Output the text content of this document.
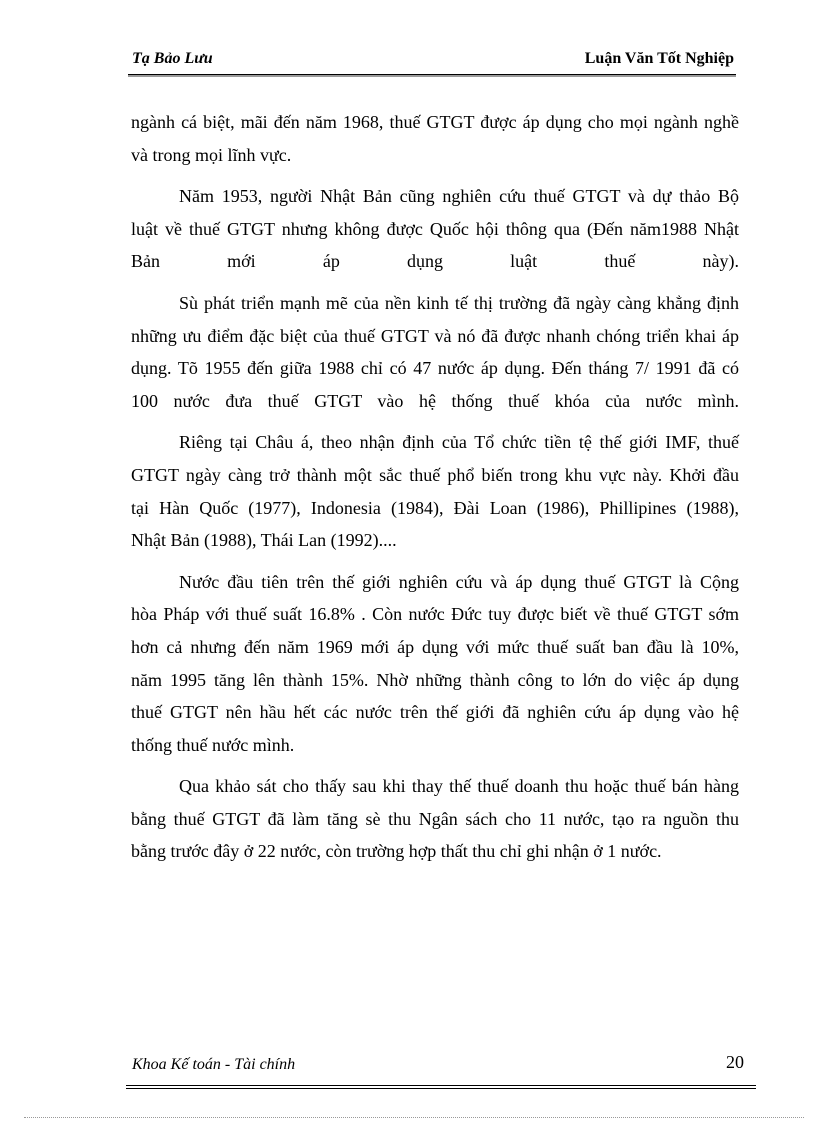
Tạ Bảo Lưu	Luận Văn Tốt Nghiệp
ngành cá biệt, mãi đến năm 1968, thuế GTGT được áp dụng cho mọi ngành nghề
và trong mọi lĩnh vực.
Năm 1953, người Nhật Bản cũng nghiên cứu thuế GTGT và dự thảo Bộ
luật về thuế GTGT nhưng không được Quốc hội thông qua (Đến năm1988 Nhật
Bản mới áp dụng luật thuế này).
Sù phát triển mạnh mẽ của nền kinh tế thị trường đã ngày càng khẳng định
những ưu điểm đặc biệt của thuế GTGT và nó đã được nhanh chóng triển khai áp
dụng. Tõ 1955 đến giữa 1988 chỉ có 47 nước áp dụng. Đến tháng 7/ 1991 đã có
100 nước đưa thuế GTGT vào hệ thống thuế khóa của nước mình.
Riêng tại Châu á, theo nhận định của Tổ chức tiền tệ thế giới IMF, thuế
GTGT ngày càng trở thành một sắc thuế phổ biến trong khu vực này. Khởi đầu
tại Hàn Quốc (1977), Indonesia (1984), Đài Loan (1986), Phillipines (1988),
Nhật Bản (1988), Thái Lan (1992)....
Nước đầu tiên trên thế giới nghiên cứu và áp dụng thuế GTGT là Cộng
hòa Pháp với thuế suất 16.8% . Còn nước Đức tuy được biết về thuế GTGT sớm
hơn cả nhưng đến năm 1969 mới áp dụng với mức thuế suất ban đầu là 10%,
năm 1995 tăng lên thành 15%. Nhờ những thành công to lớn do việc áp dụng
thuế GTGT nên hầu hết các nước trên thế giới đã nghiên cứu áp dụng vào hệ
thống thuế nước mình.
Qua khảo sát cho thấy sau khi thay thế thuế doanh thu hoặc thuế bán hàng
bằng thuế GTGT đã làm tăng sè thu Ngân sách cho 11 nước, tạo ra nguồn thu
bằng trước đây ở 22 nước, còn trường hợp thất thu chỉ ghi nhận ở 1 nước.
Khoa Kế toán - Tài chính	20
